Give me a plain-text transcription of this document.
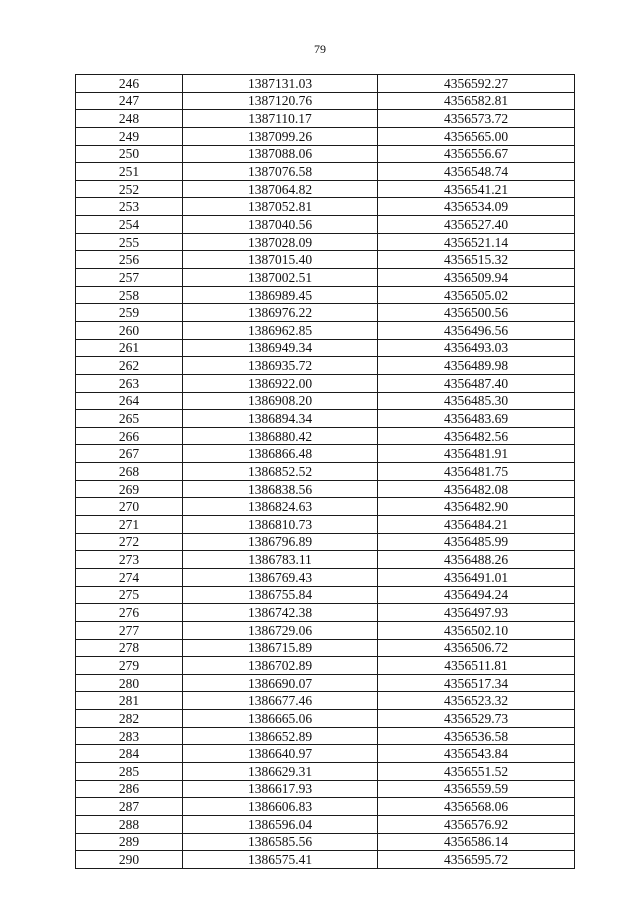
79
246	1387131.03	4356592.27
247	1387120.76	4356582.81
248	1387110.17	4356573.72
249	1387099.26	4356565.00
250	1387088.06	4356556.67
251	1387076.58	4356548.74
252	1387064.82	4356541.21
253	1387052.81	4356534.09
254	1387040.56	4356527.40
255	1387028.09	4356521.14
256	1387015.40	4356515.32
257	1387002.51	4356509.94
258	1386989.45	4356505.02
259	1386976.22	4356500.56
260	1386962.85	4356496.56
261	1386949.34	4356493.03
262	1386935.72	4356489.98
263	1386922.00	4356487.40
264	1386908.20	4356485.30
265	1386894.34	4356483.69
266	1386880.42	4356482.56
267	1386866.48	4356481.91
268	1386852.52	4356481.75
269	1386838.56	4356482.08
270	1386824.63	4356482.90
271	1386810.73	4356484.21
272	1386796.89	4356485.99
273	1386783.11	4356488.26
274	1386769.43	4356491.01
275	1386755.84	4356494.24
276	1386742.38	4356497.93
277	1386729.06	4356502.10
278	1386715.89	4356506.72
279	1386702.89	4356511.81
280	1386690.07	4356517.34
281	1386677.46	4356523.32
282	1386665.06	4356529.73
283	1386652.89	4356536.58
284	1386640.97	4356543.84
285	1386629.31	4356551.52
286	1386617.93	4356559.59
287	1386606.83	4356568.06
288	1386596.04	4356576.92
289	1386585.56	4356586.14
290	1386575.41	4356595.72
